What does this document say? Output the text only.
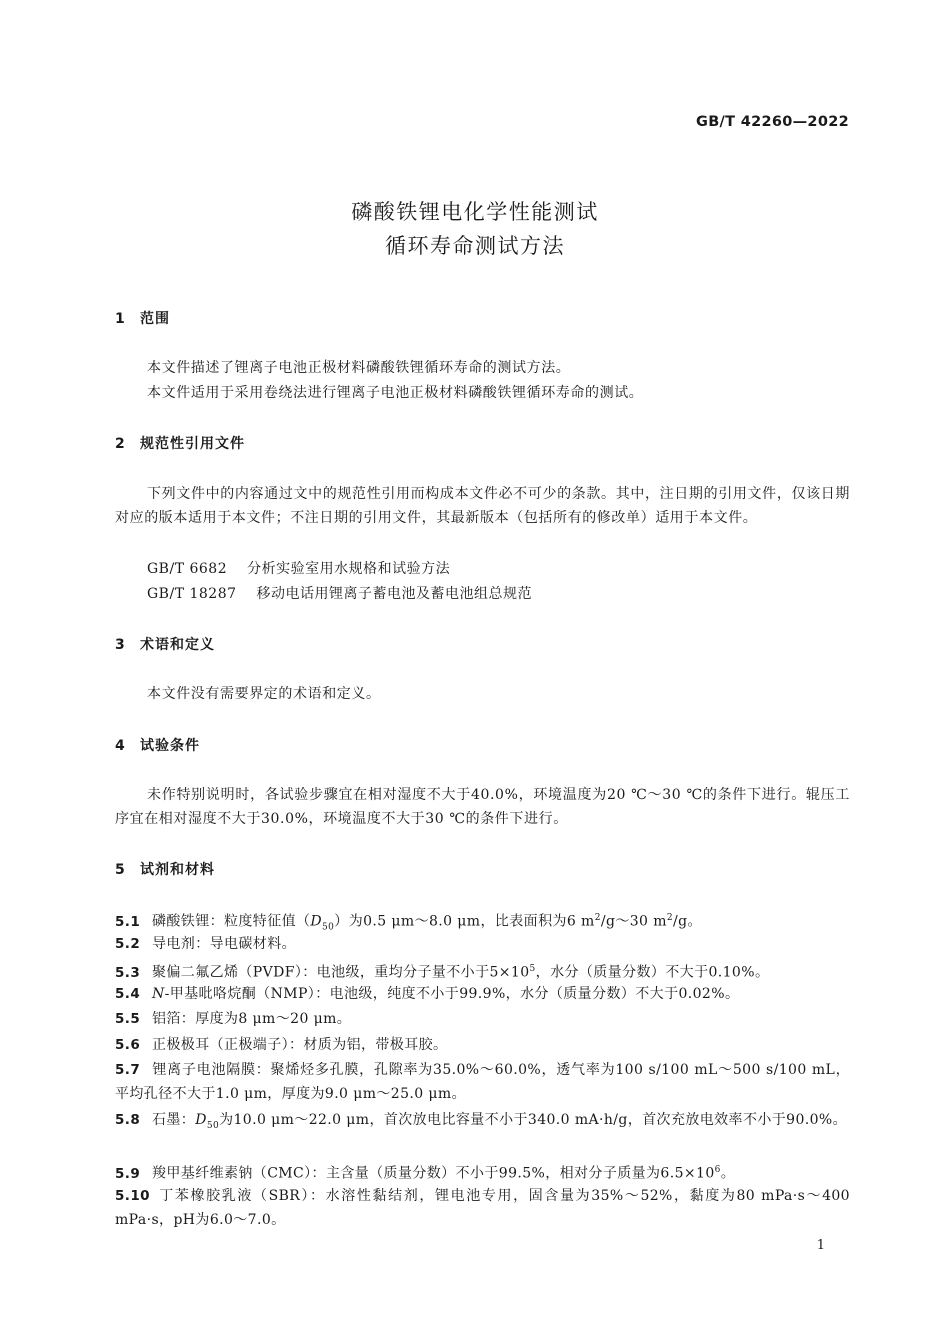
GB/T 42260—2022
磷酸铁锂电化学性能测试
循环寿命测试方法
1 范围
本文件描述了锂离子电池正极材料磷酸铁锂循环寿命的测试方法。
本文件适用于采用卷绕法进行锂离子电池正极材料磷酸铁锂循环寿命的测试。
2 规范性引用文件
下列文件中的内容通过文中的规范性引用而构成本文件必不可少的条款。其中，注日期的引用文件，仅该日期对应的版本适用于本文件；不注日期的引用文件，其最新版本（包括所有的修改单）适用于本文件。
GB/T 6682 分析实验室用水规格和试验方法
GB/T 18287 移动电话用锂离子蓄电池及蓄电池组总规范
3 术语和定义
本文件没有需要界定的术语和定义。
4 试验条件
未作特别说明时，各试验步骤宜在相对湿度不大于40.0%，环境温度为20 ℃～30 ℃的条件下进行。辊压工序宜在相对湿度不大于30.0%，环境温度不大于30 ℃的条件下进行。
5 试剂和材料
5.1 磷酸铁锂：粒度特征值$(D_{50})$为0.5 μm～8.0 μm，比表面积为6 $m^2/g\sim 30$ $m^2/g$。
5.2 导电剂：导电碳材料。
5.3 聚偏二氟乙烯（PVDF）：电池级，重均分子量不小于$5\times 10^5$，水分（质量分数）不大于0.10%。
5.4 N-甲基吡咯烷酮（NMP）：电池级，纯度不小于99.9%，水分（质量分数）不大于0.02%。
5.5 铝箔：厚度为8 μm～20 μm。
5.6 正极极耳（正极端子）：材质为铝，带极耳胶。
5.7 锂离子电池隔膜：聚烯烃多孔膜，孔隙率为35.0%～60.0%，透气率为100 s/100 mL～500 s/100 mL，平均孔径不大于1.0 μm，厚度为9.0 μm～25.0 μm。
5.8 石墨：$D_{50}$为10.0 μm～22.0 μm，首次放电比容量不小于340.0 mA·h/g，首次充放电效率不小于90.0%。
5.9 羧甲基纤维素钠（CMC）：主含量（质量分数）不小于99.5%，相对分子质量为$6.5\times 10^6$。
5.10 丁苯橡胶乳液（SBR）：水溶性黏结剂，锂电池专用，固含量为35%～52%，黏度为80 mPa·s～400 mPa·s，pH为6.0～7.0。
1
